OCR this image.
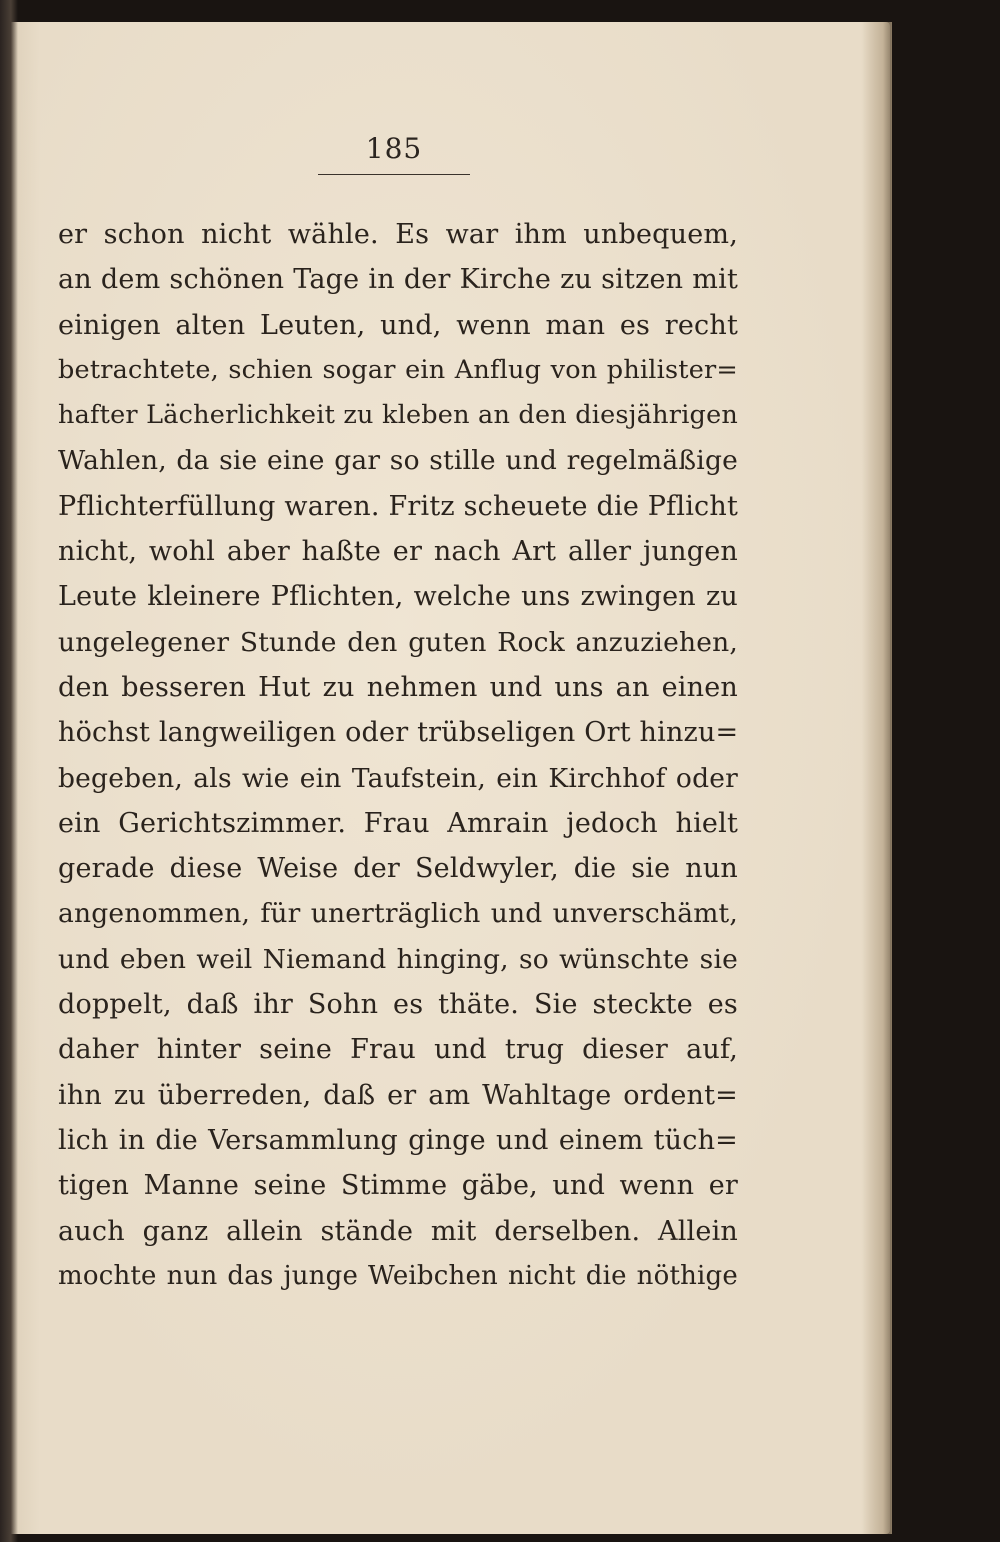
185
er schon nicht wähle. Es war ihm unbequem,
an dem schönen Tage in der Kirche zu sitzen mit
einigen alten Leuten, und, wenn man es recht
betrachtete, schien sogar ein Anflug von philister=
hafter Lächerlichkeit zu kleben an den diesjährigen
Wahlen, da sie eine gar so stille und regelmäßige
Pflichterfüllung waren. Fritz scheuete die Pflicht
nicht, wohl aber haßte er nach Art aller jungen
Leute kleinere Pflichten, welche uns zwingen zu
ungelegener Stunde den guten Rock anzuziehen,
den besseren Hut zu nehmen und uns an einen
höchst langweiligen oder trübseligen Ort hinzu=
begeben, als wie ein Taufstein, ein Kirchhof oder
ein Gerichtszimmer. Frau Amrain jedoch hielt
gerade diese Weise der Seldwyler, die sie nun
angenommen, für unerträglich und unverschämt,
und eben weil Niemand hinging, so wünschte sie
doppelt, daß ihr Sohn es thäte. Sie steckte es
daher hinter seine Frau und trug dieser auf,
ihn zu überreden, daß er am Wahltage ordent=
lich in die Versammlung ginge und einem tüch=
tigen Manne seine Stimme gäbe, und wenn er
auch ganz allein stände mit derselben. Allein
mochte nun das junge Weibchen nicht die nöthige
